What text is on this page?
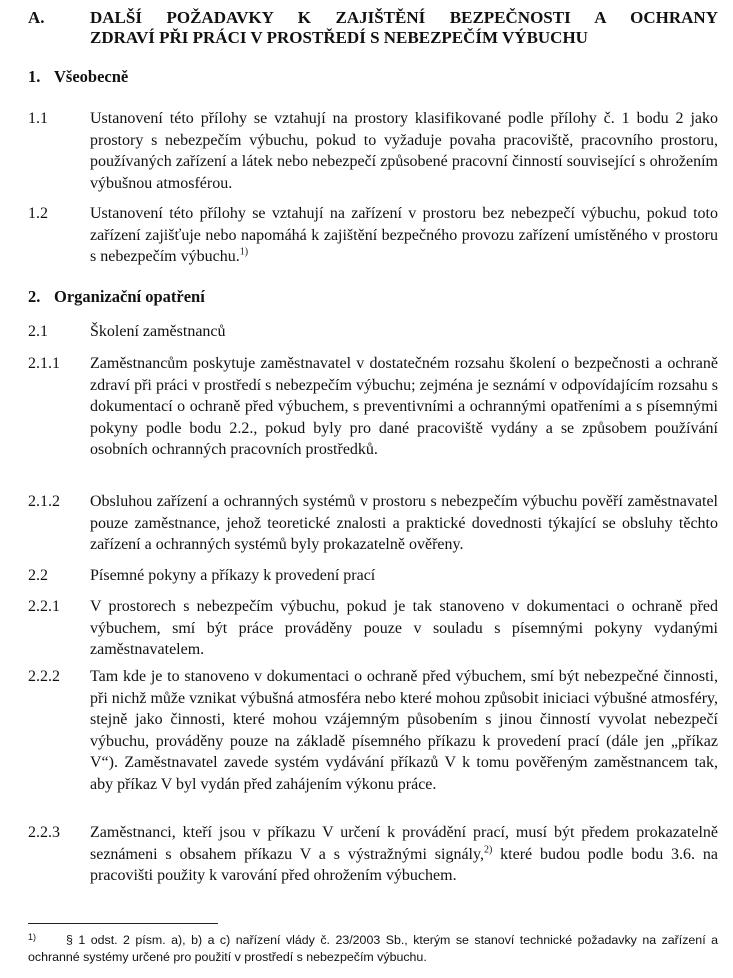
A.	DALŠÍ POŽADAVKY K ZAJIŠTĚNÍ BEZPEČNOSTI A OCHRANY
ZDRAVÍ PŘI PRÁCI V PROSTŘEDÍ S NEBEZPEČÍM VÝBUCHU
1. Všeobecně
1.1	Ustanovení této přílohy se vztahují na prostory klasifikované podle přílohy č. 1 bodu 2 jako prostory s nebezpečím výbuchu, pokud to vyžaduje povaha pracoviště, pracovního prostoru, používaných zařízení a látek nebo nebezpečí způsobené pracovní činností související s ohrožením výbušnou atmosférou.
1.2	Ustanovení této přílohy se vztahují na zařízení v prostoru bez nebezpečí výbuchu, pokud toto zařízení zajišťuje nebo napomáhá k zajištění bezpečného provozu zařízení umístěného v prostoru s nebezpečím výbuchu.$^{1)}$
2. Organizační opatření
2.1	Školení zaměstnanců
2.1.1 Zaměstnancům poskytuje zaměstnavatel v dostatečném rozsahu školení o bezpečnosti a ochraně zdraví při práci v prostředí s nebezpečím výbuchu; zejména je seznámí v odpovídajícím rozsahu s dokumentací o ochraně před výbuchem, s preventivními a ochrannými opatřeními a s písemnými pokyny podle bodu 2.2., pokud byly pro dané pracoviště vydány a se způsobem používání osobních ochranných pracovních prostředků.
2.1.2 Obsluhou zařízení a ochranných systémů v prostoru s nebezpečím výbuchu pověří zaměstnavatel pouze zaměstnance, jehož teoretické znalosti a praktické dovednosti týkající se obsluhy těchto zařízení a ochranných systémů byly prokazatelně ověřeny.
2.2	Písemné pokyny a příkazy k provedení prací
2.2.1 V prostorech s nebezpečím výbuchu, pokud je tak stanoveno v dokumentaci o ochraně před výbuchem, smí být práce prováděny pouze v souladu s písemnými pokyny vydanými zaměstnavatelem.
2.2.2 Tam kde je to stanoveno v dokumentaci o ochraně před výbuchem, smí být nebezpečné činnosti, při nichž může vznikat výbušná atmosféra nebo které mohou způsobit iniciaci výbušné atmosféry, stejně jako činnosti, které mohou vzájemným působením s jinou činností vyvolat nebezpečí výbuchu, prováděny pouze na základě písemného příkazu k provedení prací (dále jen „příkaz V“). Zaměstnavatel zavede systém vydávání příkazů V k tomu pověřeným zaměstnancem tak, aby příkaz V byl vydán před zahájením výkonu práce.
2.2.3 Zaměstnanci, kteří jsou v příkazu V určení k provádění prací, musí být předem prokazatelně seznámeni s obsahem příkazu V a s výstražnými signály,$^{2)}$ které budou podle bodu 3.6. na pracovišti použity k varování před ohrožením výbuchem.
1)	§ 1 odst. 2 písm. a), b) a c) nařízení vlády č. 23/2003 Sb., kterým se stanoví technické požadavky na zařízení a ochranné systémy určené pro použití v prostředí s nebezpečím výbuchu.
